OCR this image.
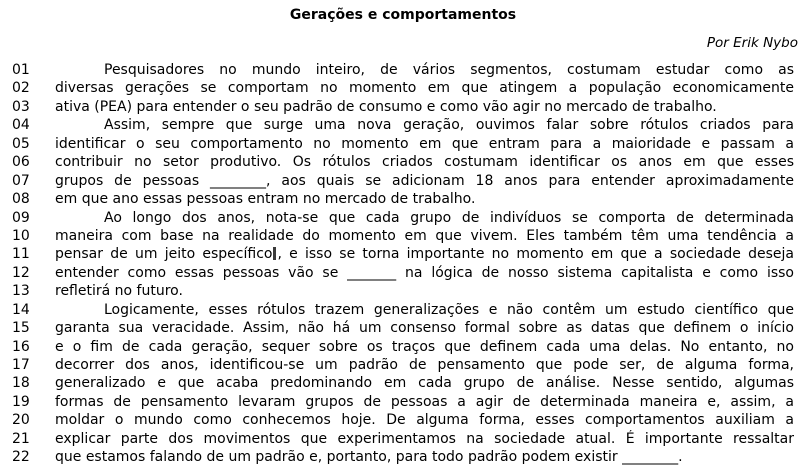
Gerações e comportamentos
Por Erik Nybo
01	Pesquisadores no mundo inteiro, de vários segmentos, costumam estudar como as
02	diversas gerações se comportam no momento em que atingem a população economicamente
03	ativa (PEA) para entender o seu padrão de consumo e como vão agir no mercado de trabalho.
04	Assim, sempre que surge uma nova geração, ouvimos falar sobre rótulos criados para
05	identificar o seu comportamento no momento em que entram para a maioridade e passam a
06	contribuir no setor produtivo. Os rótulos criados costumam identificar os anos em que esses
07	grupos de pessoas ________, aos quais se adicionam 18 anos para entender aproximadamente
08	em que ano essas pessoas entram no mercado de trabalho.
09	Ao longo dos anos, nota-se que cada grupo de indivíduos se comporta de determinada
10	maneira com base na realidade do momento em que vivem. Eles também têm uma tendência a
11	pensar de um jeito específico , e isso se torna importante no momento em que a sociedade deseja
12	entender como essas pessoas vão se _______ na lógica de nosso sistema capitalista e como isso
13	refletirá no futuro.
14	Logicamente, esses rótulos trazem generalizações e não contêm um estudo científico que
15	garanta sua veracidade. Assim, não há um consenso formal sobre as datas que definem o início
16	e o fim de cada geração, sequer sobre os traços que definem cada uma delas. No entanto, no
17	decorrer dos anos, identificou-se um padrão de pensamento que pode ser, de alguma forma,
18	generalizado e que acaba predominando em cada grupo de análise. Nesse sentido, algumas
19	formas de pensamento levaram grupos de pessoas a agir de determinada maneira e, assim, a
20	moldar o mundo como conhecemos hoje. De alguma forma, esses comportamentos auxiliam a
21	explicar parte dos movimentos que experimentamos na sociedade atual. É importante ressaltar
22	que estamos falando de um padrão e, portanto, para todo padrão podem existir ________.
